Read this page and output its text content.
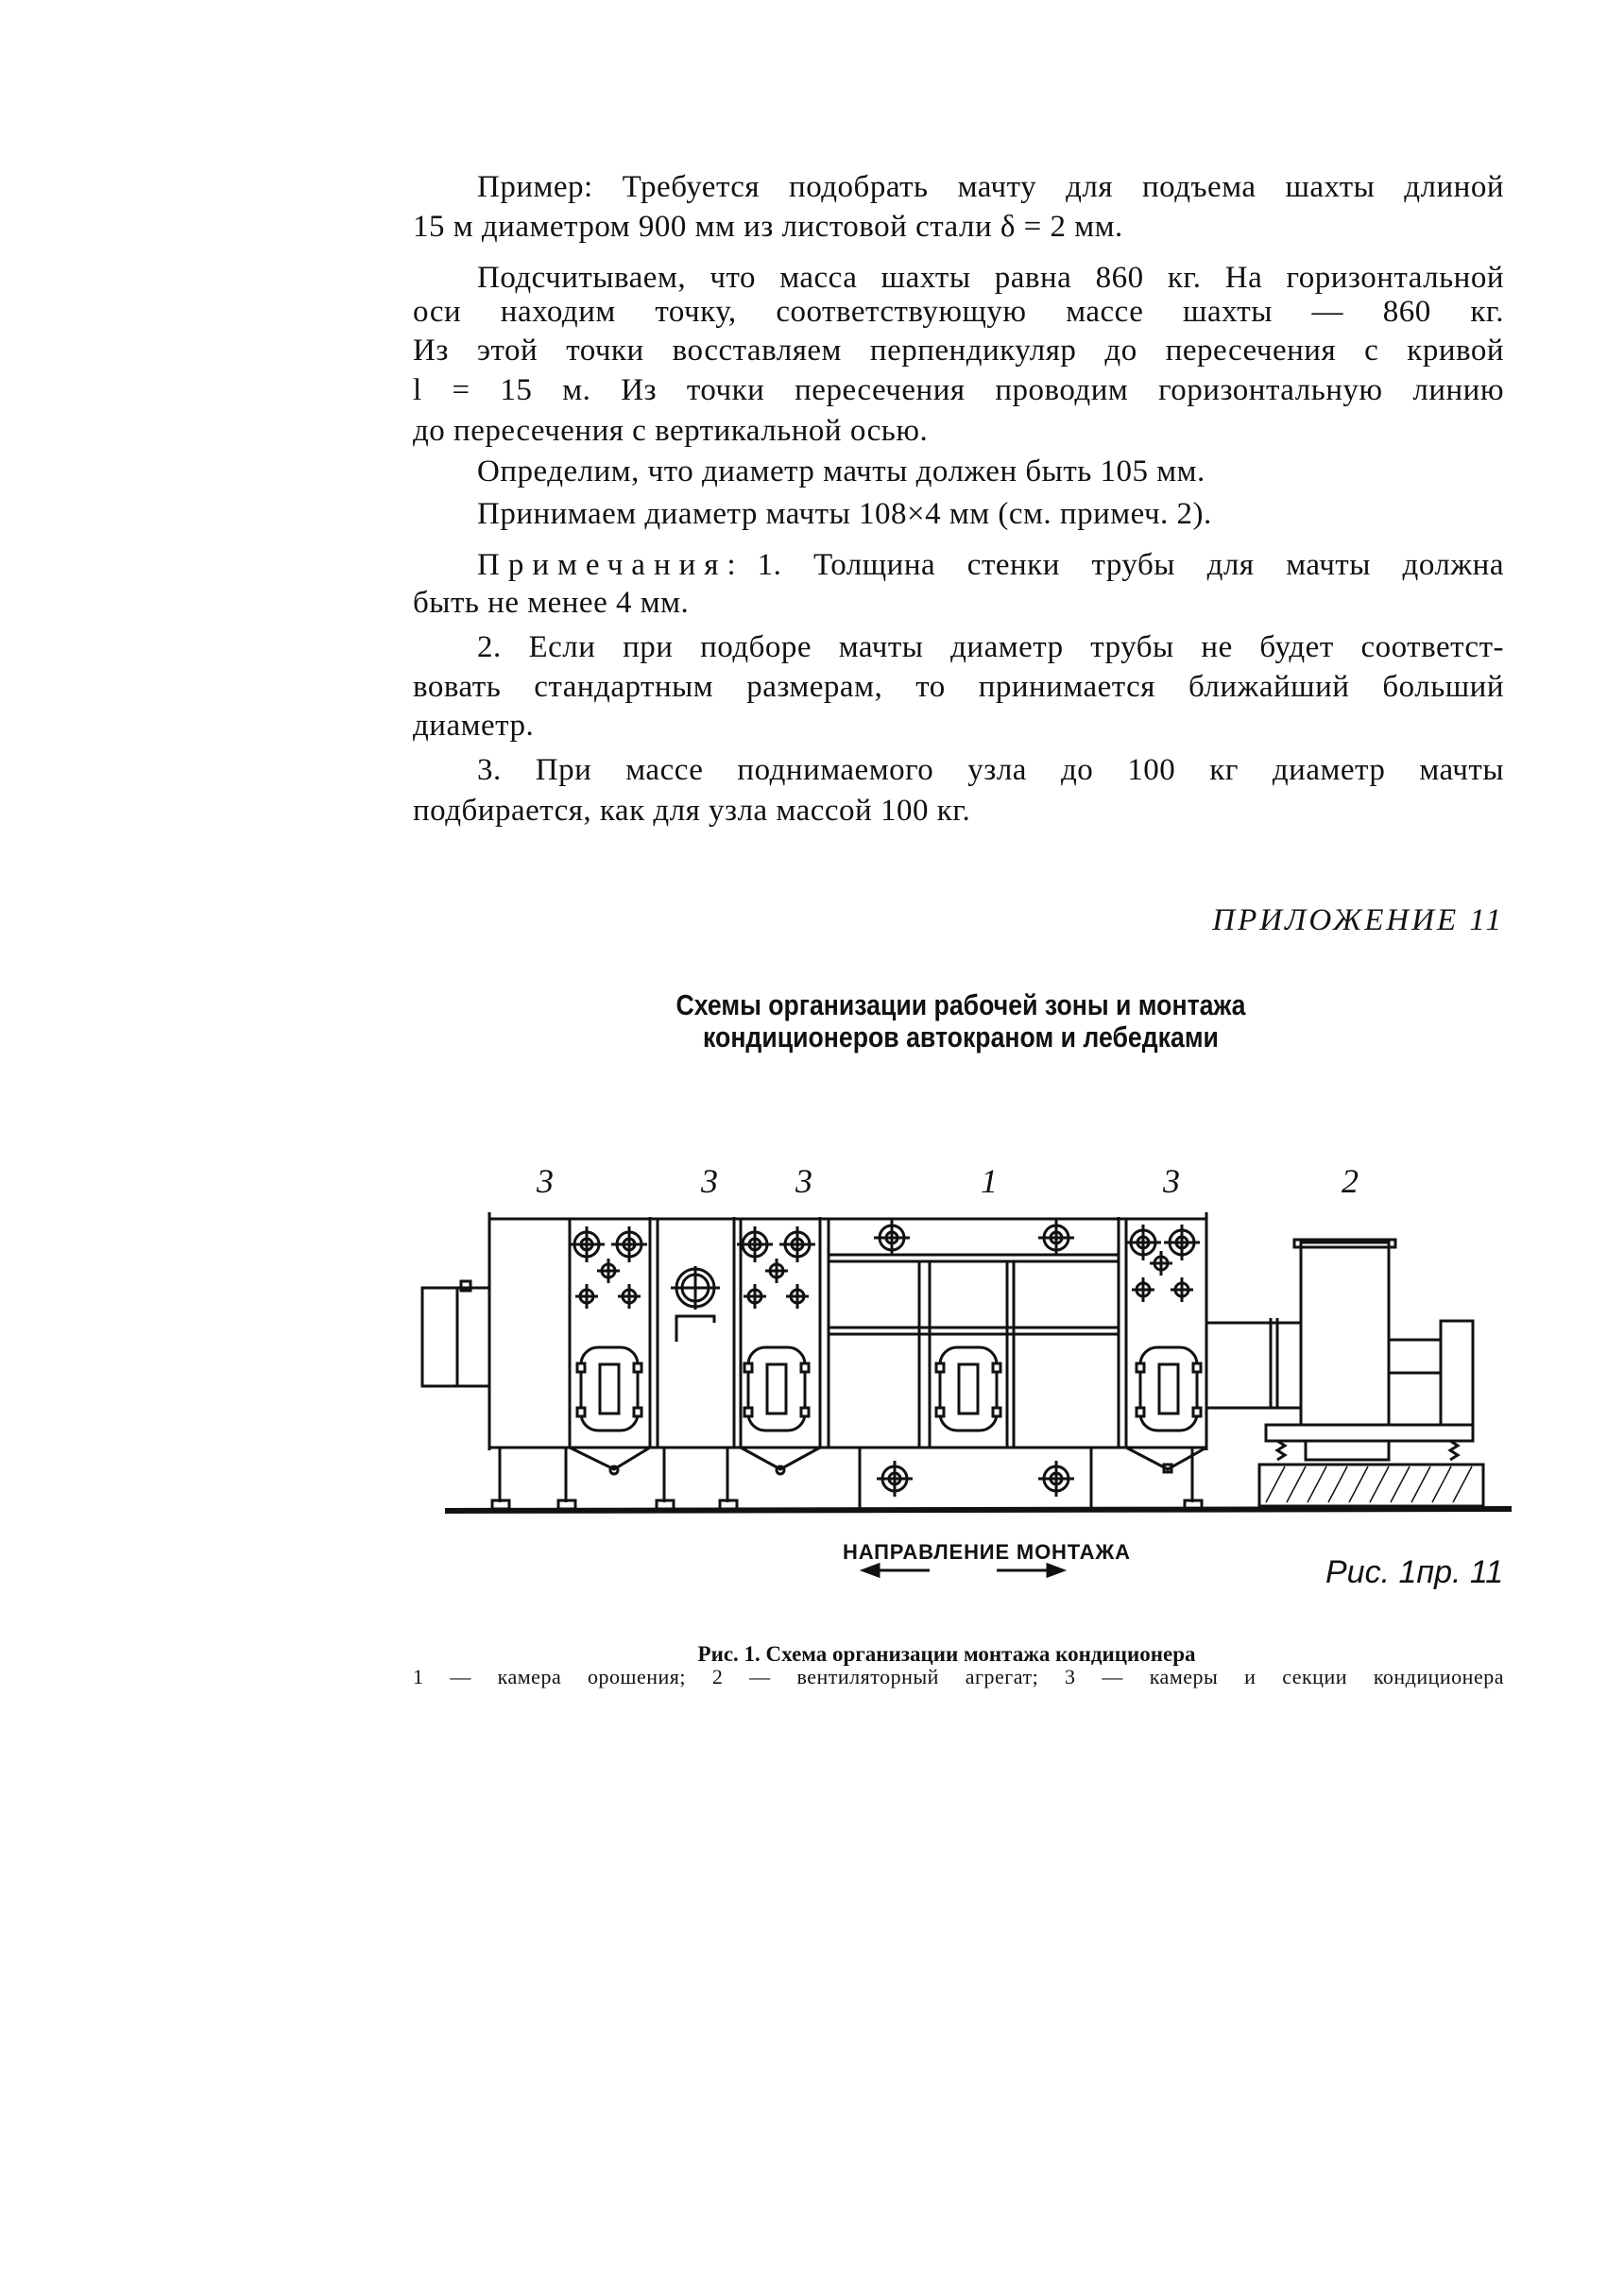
Пример: Требуется подобрать мачту для подъема шахты длиной
15 м диаметром 900 мм из листовой стали δ = 2 мм.
Подсчитываем, что масса шахты равна 860 кг. На горизонтальной
оси находим точку, соответствующую массе шахты — 860 кг.
Из этой точки восставляем перпендикуляр до пересечения с кривой
l = 15 м. Из точки пересечения проводим горизонтальную линию
до пересечения с вертикальной осью.
Определим, что диаметр мачты должен быть 105 мм.
Принимаем диаметр мачты 108×4 мм (см. примеч. 2).
Примечания: 1. Толщина стенки трубы для мачты должна
быть не менее 4 мм.
2. Если при подборе мачты диаметр трубы не будет соответст-
вовать стандартным размерам, то принимается ближайший больший
диаметр.
3. При массе поднимаемого узла до 100 кг диаметр мачты
подбирается, как для узла массой 100 кг.
ПРИЛОЖЕНИЕ 11
Схемы организации рабочей зоны и монтажа
кондиционеров автокраном и лебедками
3	3 3	1	3	2
НАПРАВЛЕНИЕ МОНТАЖА
Рис. 1пр. 11
Рис. 1. Схема организации монтажа кондиционера
1 — камера орошения; 2 — вентиляторный агрегат; 3 — камеры и секции кондиционера
